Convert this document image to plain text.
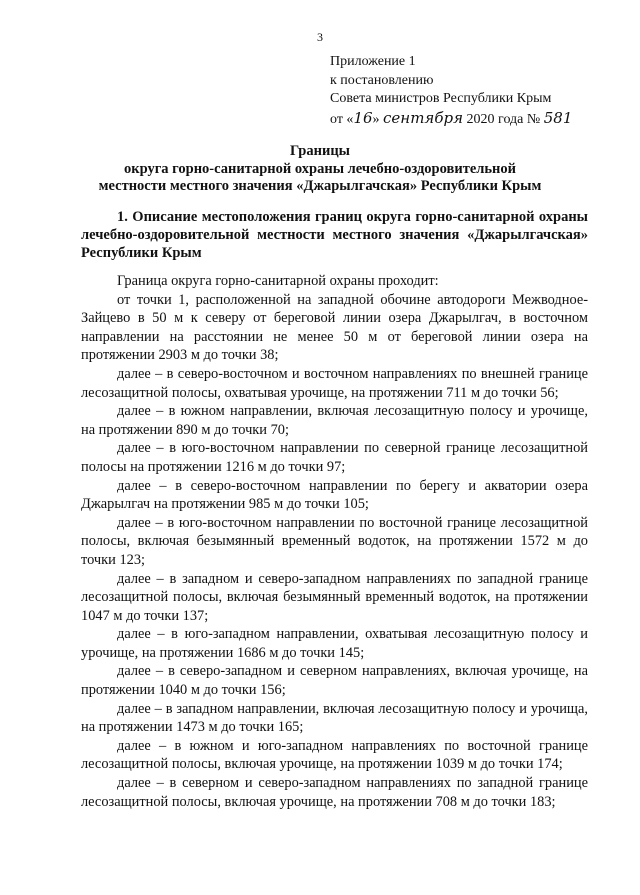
3
Приложение 1
к постановлению
Совета министров Республики Крым
от «16» сентября 2020 года № 581
Границы
округа горно-санитарной охраны лечебно-оздоровительной
местности местного значения «Джарылгачская» Республики Крым
1. Описание местоположения границ округа горно-санитарной охраны лечебно-оздоровительной местности местного значения «Джарылгачская» Республики Крым

Граница округа горно-санитарной охраны проходит:

от точки 1, расположенной на западной обочине автодороги Межводное-Зайцево в 50 м к северу от береговой линии озера Джарылгач, в восточном направлении на расстоянии не менее 50 м от береговой линии озера на протяжении 2903 м до точки 38;

далее – в северо-восточном и восточном направлениях по внешней границе лесозащитной полосы, охватывая урочище, на протяжении 711 м до точки 56;

далее – в южном направлении, включая лесозащитную полосу и урочище, на протяжении 890 м до точки 70;

далее – в юго-восточном направлении по северной границе лесозащитной полосы на протяжении 1216 м до точки 97;

далее – в северо-восточном направлении по берегу и акватории озера Джарылгач на протяжении 985 м до точки 105;

далее – в юго-восточном направлении по восточной границе лесозащитной полосы, включая безымянный временный водоток, на протяжении 1572 м до точки 123;

далее – в западном и северо-западном направлениях по западной границе лесозащитной полосы, включая безымянный временный водоток, на протяжении 1047 м до точки 137;

далее – в юго-западном направлении, охватывая лесозащитную полосу и урочище, на протяжении 1686 м до точки 145;

далее – в северо-западном и северном направлениях, включая урочище, на протяжении 1040 м до точки 156;

далее – в западном направлении, включая лесозащитную полосу и урочища, на протяжении 1473 м до точки 165;

далее – в южном и юго-западном направлениях по восточной границе лесозащитной полосы, включая урочище, на протяжении 1039 м до точки 174;

далее – в северном и северо-западном направлениях по западной границе лесозащитной полосы, включая урочище, на протяжении 708 м до точки 183;
